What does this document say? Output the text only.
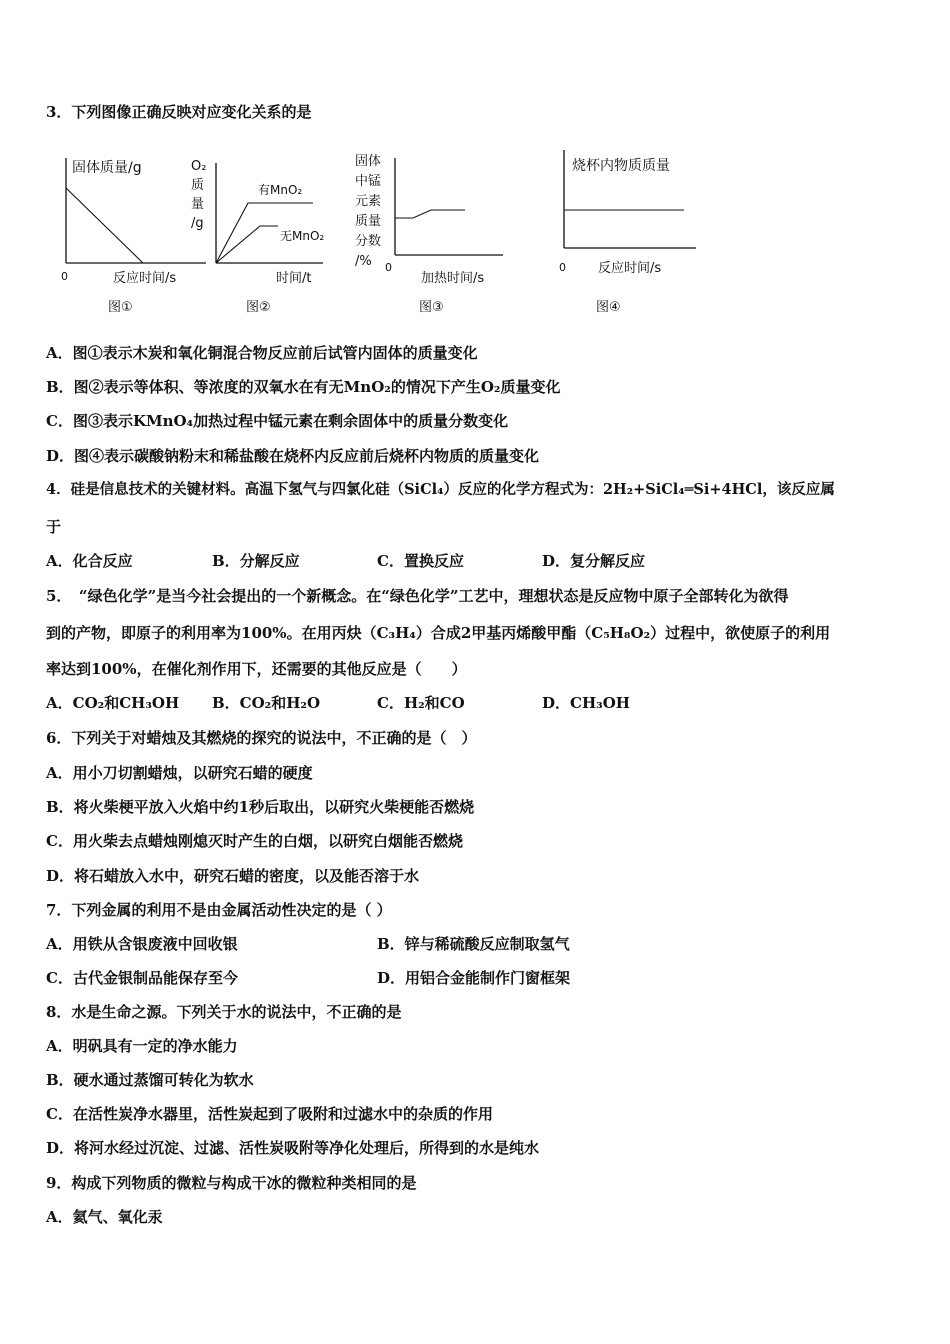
3．下列图像正确反映对应变化关系的是
固体质量/g
0	反应时间/s
图①
O₂
质
量
/g
有MnO₂
无MnO₂
时间/t
图②
固体
中锰
元素
质量
分数
/% 0
加热时间/s
图③
烧杯内物质质量
0 反应时间/s
图④
A．图①表示木炭和氧化铜混合物反应前后试管内固体的质量变化
B．图②表示等体积、等浓度的双氧水在有无MnO₂的情况下产生O₂质量变化
C．图③表示KMnO₄加热过程中锰元素在剩余固体中的质量分数变化
D．图④表示碳酸钠粉末和稀盐酸在烧杯内反应前后烧杯内物质的质量变化
4．硅是信息技术的关键材料。高温下氢气与四氯化硅（SiCl₄）反应的化学方程式为：2H₂+SiCl₄═Si+4HCl，该反应属
于
A．化合反应	B．分解反应	C．置换反应	D．复分解反应
5．　“绿色化学”是当今社会提出的一个新概念。在“绿色化学”工艺中，理想状态是反应物中原子全部转化为欲得
到的产物，即原子的利用率为100%。在用丙炔（C₃H₄）合成2甲基丙烯酸甲酯（C₅H₈O₂）过程中，欲使原子的利用
率达到100%，在催化剂作用下，还需要的其他反应是（　　）
A．CO₂和CH₃OH B．CO₂和H₂O	C．H₂和CO	D．CH₃OH
6．下列关于对蜡烛及其燃烧的探究的说法中，不正确的是（　）
A．用小刀切割蜡烛，以研究石蜡的硬度
B．将火柴梗平放入火焰中约1秒后取出，以研究火柴梗能否燃烧
C．用火柴去点蜡烛刚熄灭时产生的白烟，以研究白烟能否燃烧
D．将石蜡放入水中，研究石蜡的密度，以及能否溶于水
7．下列金属的利用不是由金属活动性决定的是（ ）
A．用铁从含银废液中回收银	B．锌与稀硫酸反应制取氢气
C．古代金银制品能保存至今	D．用铝合金能制作门窗框架
8．水是生命之源。下列关于水的说法中，不正确的是
A．明矾具有一定的净水能力
B．硬水通过蒸馏可转化为软水
C．在活性炭净水器里，活性炭起到了吸附和过滤水中的杂质的作用
D．将河水经过沉淀、过滤、活性炭吸附等净化处理后，所得到的水是纯水
9．构成下列物质的微粒与构成干冰的微粒种类相同的是
A．氦气、氧化汞
